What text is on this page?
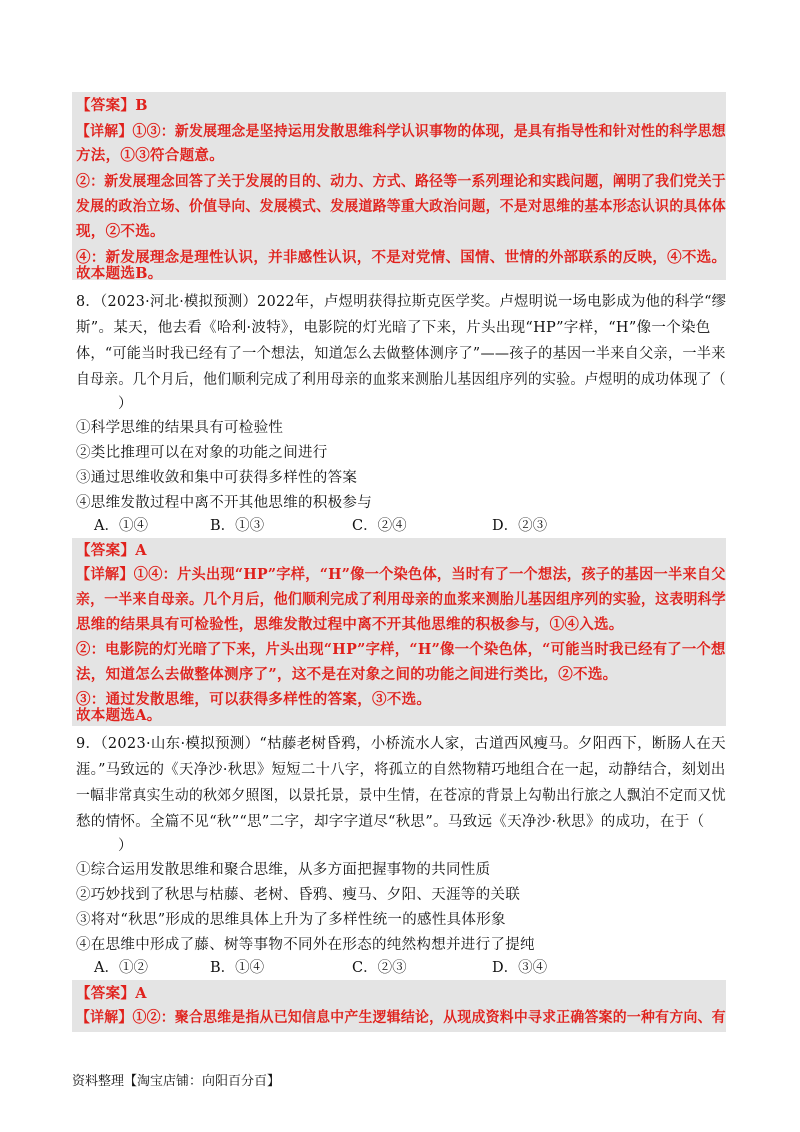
【答案】B
【详解】①③：新发展理念是坚持运用发散思维科学认识事物的体现，是具有指导性和针对性的科学思想
方法，①③符合题意。
②：新发展理念回答了关于发展的目的、动力、方式、路径等一系列理论和实践问题，阐明了我们党关于
发展的政治立场、价值导向、发展模式、发展道路等重大政治问题，不是对思维的基本形态认识的具体体
现，②不选。
④：新发展理念是理性认识，并非感性认识，不是对党情、国情、世情的外部联系的反映，④不选。
故本题选B。
8．（2023·河北·模拟预测）2022年，卢煜明获得拉斯克医学奖。卢煜明说一场电影成为他的科学“缪
斯”。某天，他去看《哈利·波特》，电影院的灯光暗了下来，片头出现“HP”字样，“H”像一个染色
体，“可能当时我已经有了一个想法，知道怎么去做整体测序了”——孩子的基因一半来自父亲，一半来
自母亲。几个月后，他们顺利完成了利用母亲的血浆来测胎儿基因组序列的实验。卢煜明的成功体现了（
）
①科学思维的结果具有可检验性
②类比推理可以在对象的功能之间进行
③通过思维收敛和集中可获得多样性的答案
④思维发散过程中离不开其他思维的积极参与
A．①④	B．①③	C．②④	D．②③
【答案】A
【详解】①④：片头出现“HP”字样，“H”像一个染色体，当时有了一个想法，孩子的基因一半来自父
亲，一半来自母亲。几个月后，他们顺利完成了利用母亲的血浆来测胎儿基因组序列的实验，这表明科学
思维的结果具有可检验性，思维发散过程中离不开其他思维的积极参与，①④入选。
②：电影院的灯光暗了下来，片头出现“HP”字样，“H”像一个染色体，“可能当时我已经有了一个想
法，知道怎么去做整体测序了”，这不是在对象之间的功能之间进行类比，②不选。
③：通过发散思维，可以获得多样性的答案，③不选。
故本题选A。
9．（2023·山东·模拟预测）“枯藤老树昏鸦，小桥流水人家，古道西风瘦马。夕阳西下，断肠人在天
涯。”马致远的《天净沙·秋思》短短二十八字，将孤立的自然物精巧地组合在一起，动静结合，刻划出
一幅非常真实生动的秋郊夕照图，以景托景，景中生情，在苍凉的背景上勾勒出行旅之人飘泊不定而又忧
愁的情怀。全篇不见“秋”“思”二字，却字字道尽“秋思”。马致远《天净沙·秋思》的成功，在于（
）
①综合运用发散思维和聚合思维，从多方面把握事物的共同性质
②巧妙找到了秋思与枯藤、老树、昏鸦、瘦马、夕阳、天涯等的关联
③将对“秋思”形成的思维具体上升为了多样性统一的感性具体形象
④在思维中形成了藤、树等事物不同外在形态的纯然构想并进行了提纯
A．①②	B．①④	C．②③	D．③④
【答案】A
【详解】①②：聚合思维是指从已知信息中产生逻辑结论，从现成资料中寻求正确答案的一种有方向、有
资料整理【淘宝店铺：向阳百分百】
